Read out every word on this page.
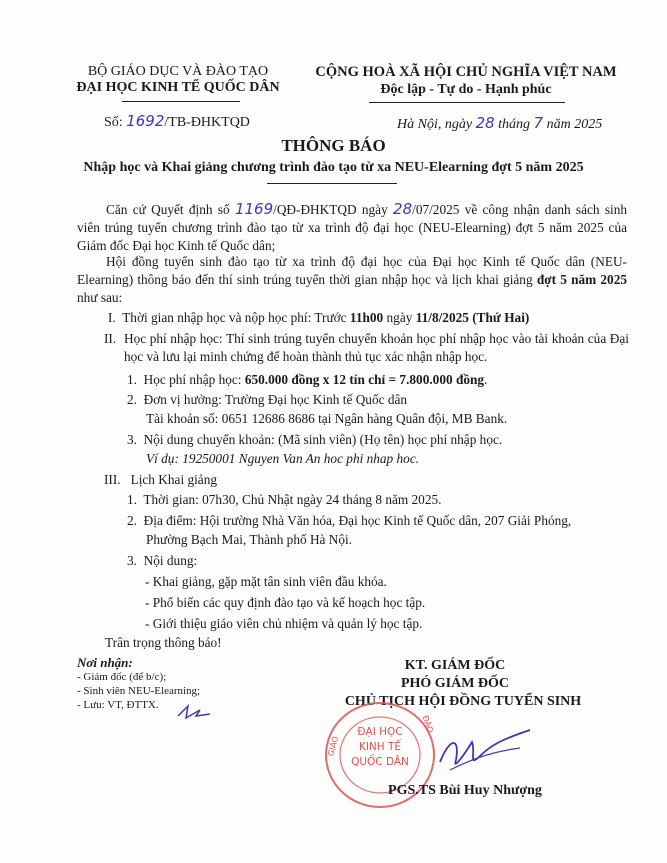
BỘ GIÁO DỤC VÀ ĐÀO TẠO
ĐẠI HỌC KINH TẾ QUỐC DÂN
CỘNG HOÀ XÃ HỘI CHỦ NGHĨA VIỆT NAM
Độc lập - Tự do - Hạnh phúc
Số: 1692/TB-ĐHKTQD	Hà Nội, ngày 28 tháng 7 năm 2025
THÔNG BÁO
Nhập học và Khai giảng chương trình đào tạo từ xa NEU-Elearning đợt 5 năm 2025
Căn cứ Quyết định số 1169/QĐ-ĐHKTQD ngày 28/07/2025 về công nhận danh sách sinh viên trúng tuyển chương trình đào tạo từ xa trình độ đại học (NEU-Elearning) đợt 5 năm 2025 của Giám đốc Đại học Kinh tế Quốc dân;
Hội đồng tuyển sinh đào tạo từ xa trình độ đại học của Đại học Kinh tế Quốc dân (NEU-Elearning) thông báo đến thí sinh trúng tuyển thời gian nhập học và lịch khai giảng đợt 5 năm 2025 như sau:
I. Thời gian nhập học và nộp học phí: Trước 11h00 ngày 11/8/2025 (Thứ Hai)
II. Học phí nhập học: Thí sinh trúng tuyển chuyển khoản học phí nhập học vào tài khoản của Đại học và lưu lại minh chứng để hoàn thành thủ tục xác nhận nhập học.
1. Học phí nhập học: 650.000 đồng x 12 tín chỉ = 7.800.000 đồng.
2. Đơn vị hưởng: Trường Đại học Kinh tế Quốc dân
Tài khoản số: 0651 12686 8686 tại Ngân hàng Quân đội, MB Bank.
3. Nội dung chuyển khoản: (Mã sinh viên) (Họ tên) học phí nhập học.
Ví dụ: 19250001 Nguyen Van An hoc phi nhap hoc.
III. Lịch Khai giảng
1. Thời gian: 07h30, Chủ Nhật ngày 24 tháng 8 năm 2025.
2. Địa điểm: Hội trường Nhà Văn hóa, Đại học Kinh tế Quốc dân, 207 Giải Phóng,
Phường Bạch Mai, Thành phố Hà Nội.
3. Nội dung:
- Khai giảng, gặp mặt tân sinh viên đầu khóa.
- Phổ biến các quy định đào tạo và kế hoạch học tập.
- Giới thiệu giáo viên chủ nhiệm và quản lý học tập.
Trân trọng thông báo!
Nơi nhận:
- Giám đốc (để b/c);
- Sinh viên NEU-Elearning;
- Lưu: VT, ĐTTX.
KT. GIÁM ĐỐC
PHÓ GIÁM ĐỐC
CHỦ TỊCH HỘI ĐỒNG TUYỂN SINH
GIÁO
ĐÀO
ĐẠI HỌC
KINH TẾ
QUỐC DÂN
PGS.TS Bùi Huy Nhượng
